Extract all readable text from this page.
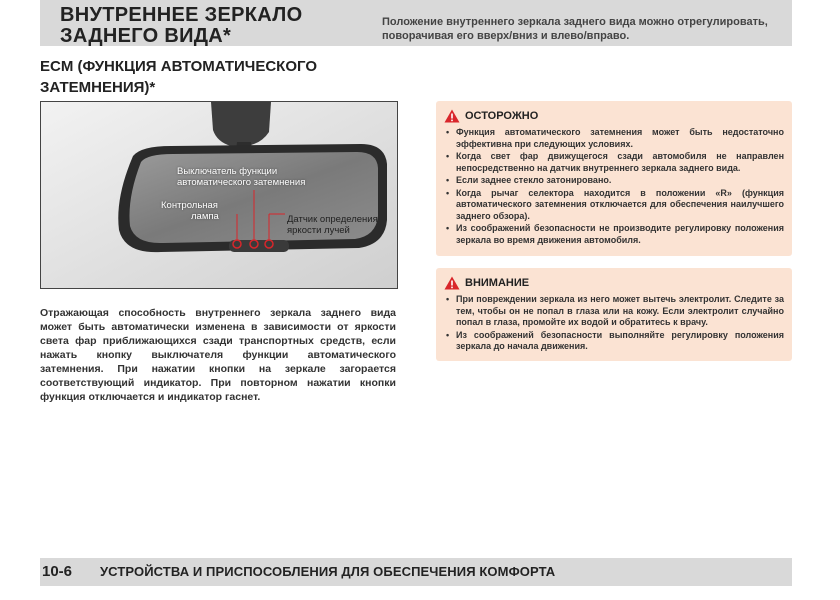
ВНУТРЕННЕЕ ЗЕРКАЛО
ЗАДНЕГО ВИДА*
Положение внутреннего зеркала заднего вида можно отрегулировать,
поворачивая его вверх/вниз и влево/вправо.
ECM (ФУНКЦИЯ АВТОМАТИЧЕСКОГО
ЗАТЕМНЕНИЯ)*
Выключатель функции
автоматического затемнения
Контрольная
лампа	Датчик определения
яркости лучей
Отражающая способность внутреннего зеркала заднего вида может быть автоматически изменена в зависимости от яркости света фар приближающихся сзади транспортных средств, если нажать кнопку выключателя функции автоматического затемнения. При нажатии кнопки на зеркале загорается соответствующий индикатор. При повторном нажатии кнопки функция отключается и индикатор гаснет.
ОСТОРОЖНО
• Функция автоматического затемнения может быть недостаточно эффективна при следующих условиях.
• Когда свет фар движущегося сзади автомобиля не направлен непосредственно на датчик внутреннего зеркала заднего вида.
• Если заднее стекло затонировано.
• Когда рычаг селектора находится в положении «R» (функция автоматического затемнения отключается для обеспечения наилучшего заднего обзора).
• Из соображений безопасности не производите регулировку положения зеркала во время движения автомобиля.
ВНИМАНИЕ
• При повреждении зеркала из него может вытечь электролит. Следите за тем, чтобы он не попал в глаза или на кожу. Если электролит случайно попал в глаза, промойте их водой и обратитесь к врачу.
• Из соображений безопасности выполняйте регулировку положения зеркала до начала движения.
10-6 УСТРОЙСТВА И ПРИСПОСОБЛЕНИЯ ДЛЯ ОБЕСПЕЧЕНИЯ КОМФОРТА
